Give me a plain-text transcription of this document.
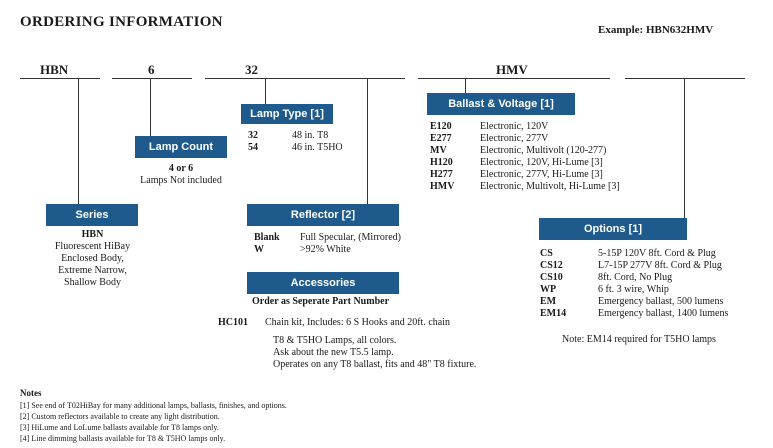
ORDERING INFORMATION	Example: HBN632HMV
HBN	6	32	HMV
Series
HBN
Fluorescent HiBay
Enclosed Body,
Extreme Narrow,
Shallow Body
Lamp Count
4 or 6
Lamps Not included
Lamp Type [1]
32	48 in. T8
54	46 in. T5HO
Reflector [2]
Blank	Full Specular, (Mirrored)
W	>92% White
Accessories
Order as Seperate Part Number
HC101 Chain kit, Includes: 6 S Hooks and 20ft. chain
T8 & T5HO Lamps, all colors.
Ask about the new T5.5 lamp.
Operates on any T8 ballast, fits and 48" T8 fixture.
Ballast & Voltage [1]
E120	Electronic, 120V
E277	Electronic, 277V
MV	Electronic, Multivolt (120-277)
H120	Electronic, 120V, Hi-Lume [3]
H277	Electronic, 277V, Hi-Lume [3]
HMV	Electronic, Multivolt, Hi-Lume [3]
Options [1]
CS	5-15P 120V 8ft. Cord & Plug
CS12	L7-15P 277V 8ft. Cord & Plug
CS10	8ft. Cord, No Plug
WP	6 ft. 3 wire, Whip
EM	Emergency ballast, 500 lumens
EM14	Emergency ballast, 1400 lumens
Note: EM14 required for T5HO lamps
Notes
[1] See end of T02HiBay for many additional lamps, ballasts, finishes, and options.
[2] Custom reflectors available to create any light distribution.
[3] HiLume and LoLume ballasts available for T8 lamps only.
[4] Line dimming ballasts available for T8 & T5HO lamps only.
